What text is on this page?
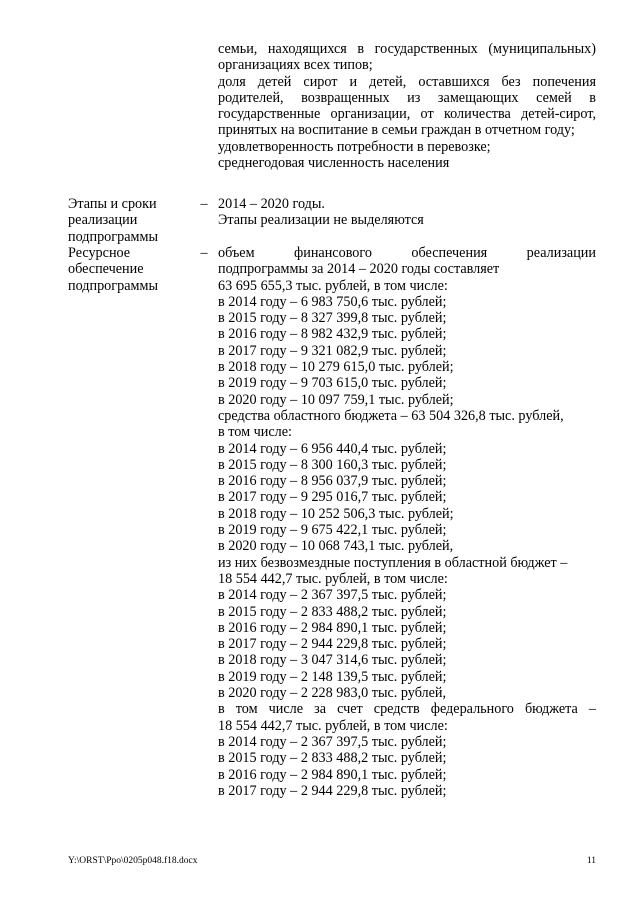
семьи, находящихся в государственных (муниципальных) организациях всех типов;

доля детей сирот и детей, оставшихся без попечения родителей, возвращенных из замещающих семей в государственные организации, от количества детей-сирот, принятых на воспитание в семьи граждан в отчетном году;

удовлетворенность потребности в перевозке;

среднегодовая численность населения

Этапы и сроки
реализации
подпрограммы
– 2014 – 2020 годы.

Этапы реализации не выделяются

Ресурсное
обеспечение
подпрограммы
– объем финансового обеспечения реализации

подпрограммы за 2014 – 2020 годы составляет

63 695 655,3 тыс. рублей, в том числе:

в 2014 году – 6 983 750,6 тыс. рублей;

в 2015 году – 8 327 399,8 тыс. рублей;

в 2016 году – 8 982 432,9 тыс. рублей;

в 2017 году – 9 321 082,9 тыс. рублей;

в 2018 году – 10 279 615,0 тыс. рублей;

в 2019 году – 9 703 615,0 тыс. рублей;

в 2020 году – 10 097 759,1 тыс. рублей;

средства областного бюджета – 63 504 326,8 тыс. рублей,

в том числе:

в 2014 году – 6 956 440,4 тыс. рублей;

в 2015 году – 8 300 160,3 тыс. рублей;

в 2016 году – 8 956 037,9 тыс. рублей;

в 2017 году – 9 295 016,7 тыс. рублей;

в 2018 году – 10 252 506,3 тыс. рублей;

в 2019 году – 9 675 422,1 тыс. рублей;

в 2020 году – 10 068 743,1 тыс. рублей,

из них безвозмездные поступления в областной бюджет –

18 554 442,7 тыс. рублей, в том числе:

в 2014 году – 2 367 397,5 тыс. рублей;

в 2015 году – 2 833 488,2 тыс. рублей;

в 2016 году – 2 984 890,1 тыс. рублей;

в 2017 году – 2 944 229,8 тыс. рублей;

в 2018 году – 3 047 314,6 тыс. рублей;

в 2019 году – 2 148 139,5 тыс. рублей;

в 2020 году – 2 228 983,0 тыс. рублей,

в том числе за счет средств федерального бюджета –

18 554 442,7 тыс. рублей, в том числе:

в 2014 году – 2 367 397,5 тыс. рублей;

в 2015 году – 2 833 488,2 тыс. рублей;

в 2016 году – 2 984 890,1 тыс. рублей;

в 2017 году – 2 944 229,8 тыс. рублей;

Y:\ORST\Ppo\0205p048.f18.docx	11
